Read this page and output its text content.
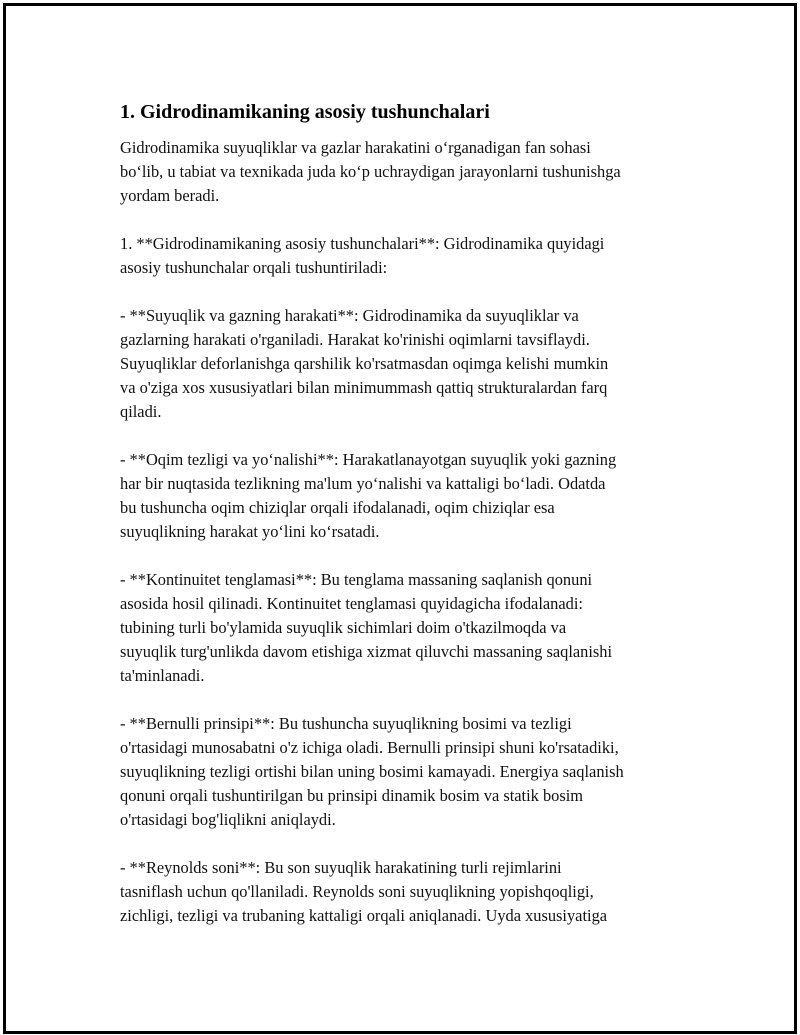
1. Gidrodinamikaning asosiy tushunchalari

Gidrodinamika suyuqliklar va gazlar harakatini o‘rganadigan fan sohasi
bo‘lib, u tabiat va texnikada juda ko‘p uchraydigan jarayonlarni tushunishga
yordam beradi.

1. **Gidrodinamikaning asosiy tushunchalari**: Gidrodinamika quyidagi
asosiy tushunchalar orqali tushuntiriladi:

- **Suyuqlik va gazning harakati**: Gidrodinamika da suyuqliklar va
gazlarning harakati o'rganiladi. Harakat ko'rinishi oqimlarni tavsiflaydi.
Suyuqliklar deforlanishga qarshilik ko'rsatmasdan oqimga kelishi mumkin
va o'ziga xos xususiyatlari bilan minimummash qattiq strukturalardan farq
qiladi.

- **Oqim tezligi va yo‘nalishi**: Harakatlanayotgan suyuqlik yoki gazning
har bir nuqtasida tezlikning ma'lum yo‘nalishi va kattaligi bo‘ladi. Odatda
bu tushuncha oqim chiziqlar orqali ifodalanadi, oqim chiziqlar esa
suyuqlikning harakat yo‘lini ko‘rsatadi.

- **Kontinuitet tenglamasi**: Bu tenglama massaning saqlanish qonuni
asosida hosil qilinadi. Kontinuitet tenglamasi quyidagicha ifodalanadi:
tubining turli bo'ylamida suyuqlik sichimlari doim o'tkazilmoqda va
suyuqlik turg'unlikda davom etishiga xizmat qiluvchi massaning saqlanishi
ta'minlanadi.

- **Bernulli prinsipi**: Bu tushuncha suyuqlikning bosimi va tezligi
o'rtasidagi munosabatni o'z ichiga oladi. Bernulli prinsipi shuni ko'rsatadiki,
suyuqlikning tezligi ortishi bilan uning bosimi kamayadi. Energiya saqlanish
qonuni orqali tushuntirilgan bu prinsipi dinamik bosim va statik bosim
o'rtasidagi bog'liqlikni aniqlaydi.

- **Reynolds soni**: Bu son suyuqlik harakatining turli rejimlarini
tasniflash uchun qo'llaniladi. Reynolds soni suyuqlikning yopishqoqligi,
zichligi, tezligi va trubaning kattaligi orqali aniqlanadi. Uyda xususiyatiga
